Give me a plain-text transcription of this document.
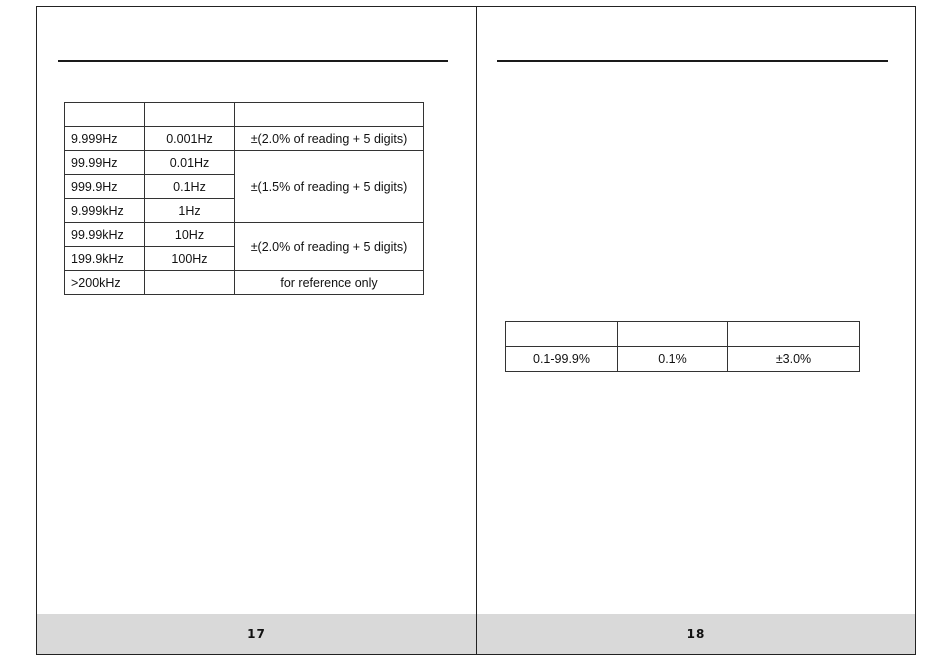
9.999Hz	0.001Hz	±(2.0% of reading + 5 digits)
99.99Hz	0.01Hz	±(1.5% of reading + 5 digits)
999.9Hz	0.1Hz	
9.999kHz	1Hz	
99.99kHz	10Hz	±(2.0% of reading + 5 digits)
199.9kHz	100Hz	
>200kHz		for reference only
17

0.1-99.9%	0.1%	±3.0%
18
